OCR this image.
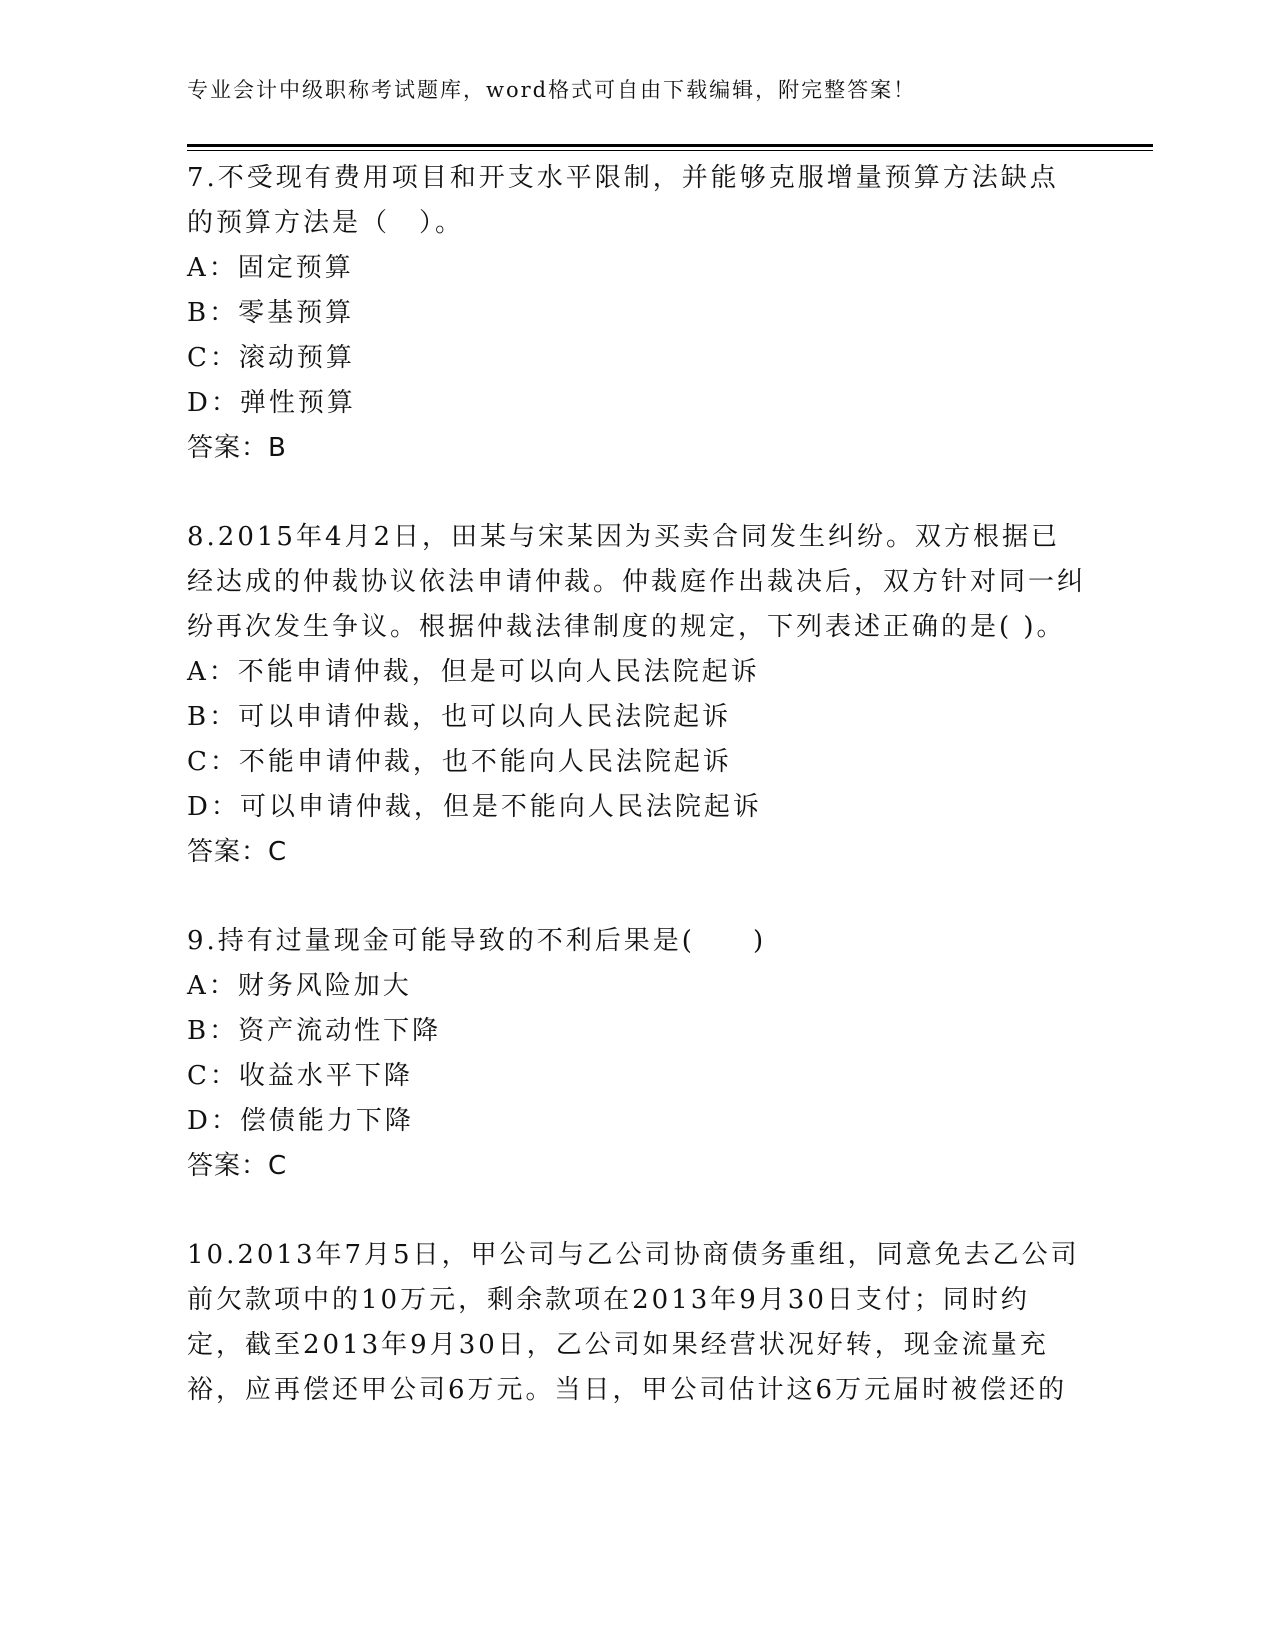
专业会计中级职称考试题库，word格式可自由下载编辑，附完整答案！

7.不受现有费用项目和开支水平限制，并能够克服增量预算方法缺点的预算方法是（　）。

A：固定预算

B：零基预算

C：滚动预算

D：弹性预算

答案：B

8.2015年4月2日，田某与宋某因为买卖合同发生纠纷。双方根据已经达成的仲裁协议依法申请仲裁。仲裁庭作出裁决后，双方针对同一纠纷再次发生争议。根据仲裁法律制度的规定，下列表述正确的是( )。

A：不能申请仲裁，但是可以向人民法院起诉

B：可以申请仲裁，也可以向人民法院起诉

C：不能申请仲裁，也不能向人民法院起诉

D：可以申请仲裁，但是不能向人民法院起诉

答案：C

9.持有过量现金可能导致的不利后果是(　　)

A：财务风险加大

B：资产流动性下降

C：收益水平下降

D：偿债能力下降

答案：C

10.2013年7月5日，甲公司与乙公司协商债务重组，同意免去乙公司前欠款项中的10万元，剩余款项在2013年9月30日支付；同时约定，截至2013年9月30日，乙公司如果经营状况好转，现金流量充裕，应再偿还甲公司6万元。当日，甲公司估计这6万元届时被偿还的
